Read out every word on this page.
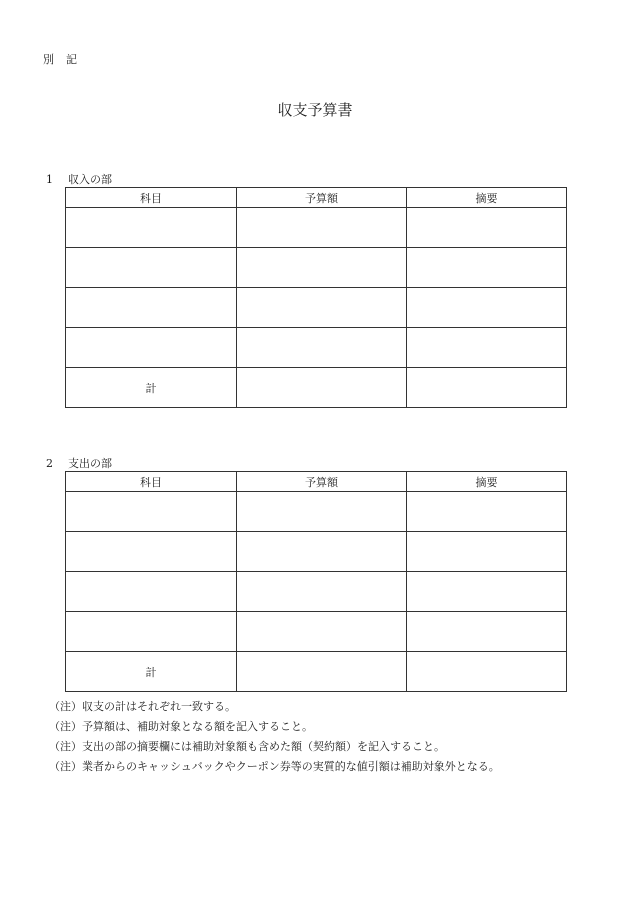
別 記
収支予算書
1 収入の部
科目	予算額	摘要

計		
2 支出の部
科目	予算額	摘要

計		
（注）収支の計はそれぞれ一致する。
（注）予算額は、補助対象となる額を記入すること。
（注）支出の部の摘要欄には補助対象額も含めた額（契約額）を記入すること。
（注）業者からのキャッシュバックやクーポン券等の実質的な値引額は補助対象外となる。
